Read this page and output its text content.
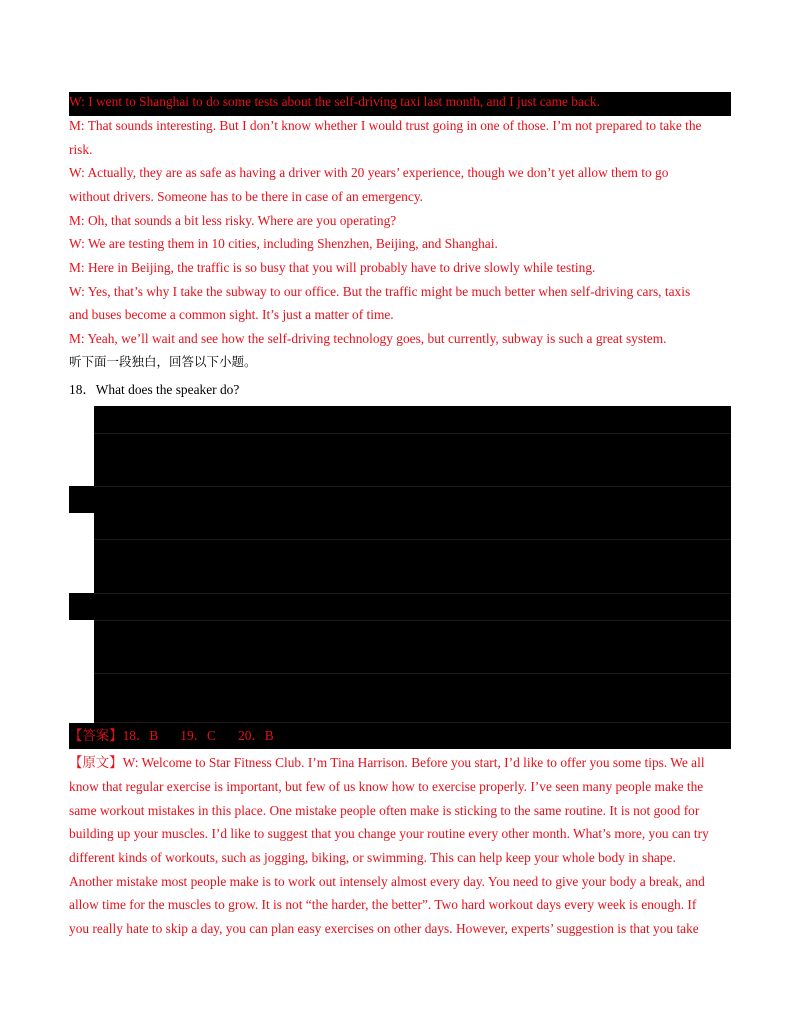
W: I went to Shanghai to do some tests about the self-driving taxi last month, and I just came back.
M: That sounds interesting. But I don’t know whether I would trust going in one of those. I’m not prepared to take the
risk.
W: Actually, they are as safe as having a driver with 20 years’ experience, though we don’t yet allow them to go
without drivers. Someone has to be there in case of an emergency.
M: Oh, that sounds a bit less risky. Where are you operating?
W: We are testing them in 10 cities, including Shenzhen, Beijing, and Shanghai.
M: Here in Beijing, the traffic is so busy that you will probably have to drive slowly while testing.
W: Yes, that’s why I take the subway to our office. But the traffic might be much better when self-driving cars, taxis
and buses become a common sight. It’s just a matter of time.
M: Yeah, we’ll wait and see how the self-driving technology goes, but currently, subway is such a great system.
听下面一段独白，回答以下小题。
18．What does the speaker do?
【答案】18．B 19．C 20．B
【原文】W: Welcome to Star Fitness Club. I’m Tina Harrison. Before you start, I’d like to offer you some tips. We all
know that regular exercise is important, but few of us know how to exercise properly. I’ve seen many people make the
same workout mistakes in this place. One mistake people often make is sticking to the same routine. It is not good for
building up your muscles. I’d like to suggest that you change your routine every other month. What’s more, you can try
different kinds of workouts, such as jogging, biking, or swimming. This can help keep your whole body in shape.
Another mistake most people make is to work out intensely almost every day. You need to give your body a break, and
allow time for the muscles to grow. It is not “the harder, the better”. Two hard workout days every week is enough. If
you really hate to skip a day, you can plan easy exercises on other days. However, experts’ suggestion is that you take
